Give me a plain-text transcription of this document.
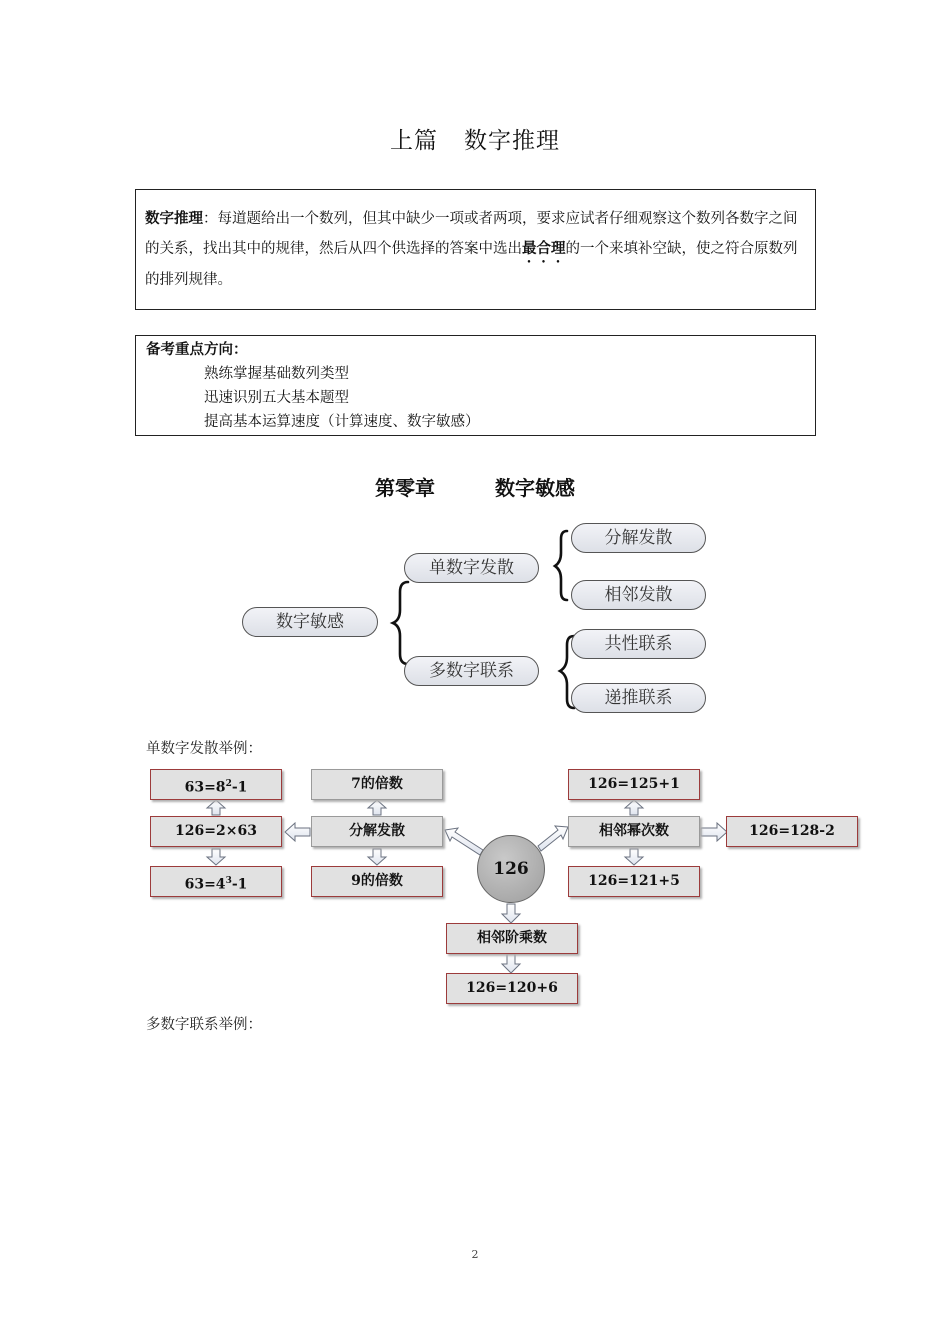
上篇 数字推理
数字推理：每道题给出一个数列，但其中缺少一项或者两项，要求应试者仔细观察这个数列各数字之间的关系，找出其中的规律，然后从四个供选择的答案中选出最合理的一个来填补空缺，使之符合原数列的排列规律。
备考重点方向：
熟练掌握基础数列类型
迅速识别五大基本题型
提高基本运算速度（计算速度、数字敏感）
第零章	数字敏感
数字敏感
单数字发散
多数字联系
分解发散
相邻发散
共性联系
递推联系
单数字发散举例：
$63=8^2-1$
126=2×63
$63=4^3-1$
7的倍数
分解发散
9的倍数
126
126=125+1
相邻幂次数
126=121+5
126=128-2
相邻阶乘数
126=120+6
多数字联系举例：
2
